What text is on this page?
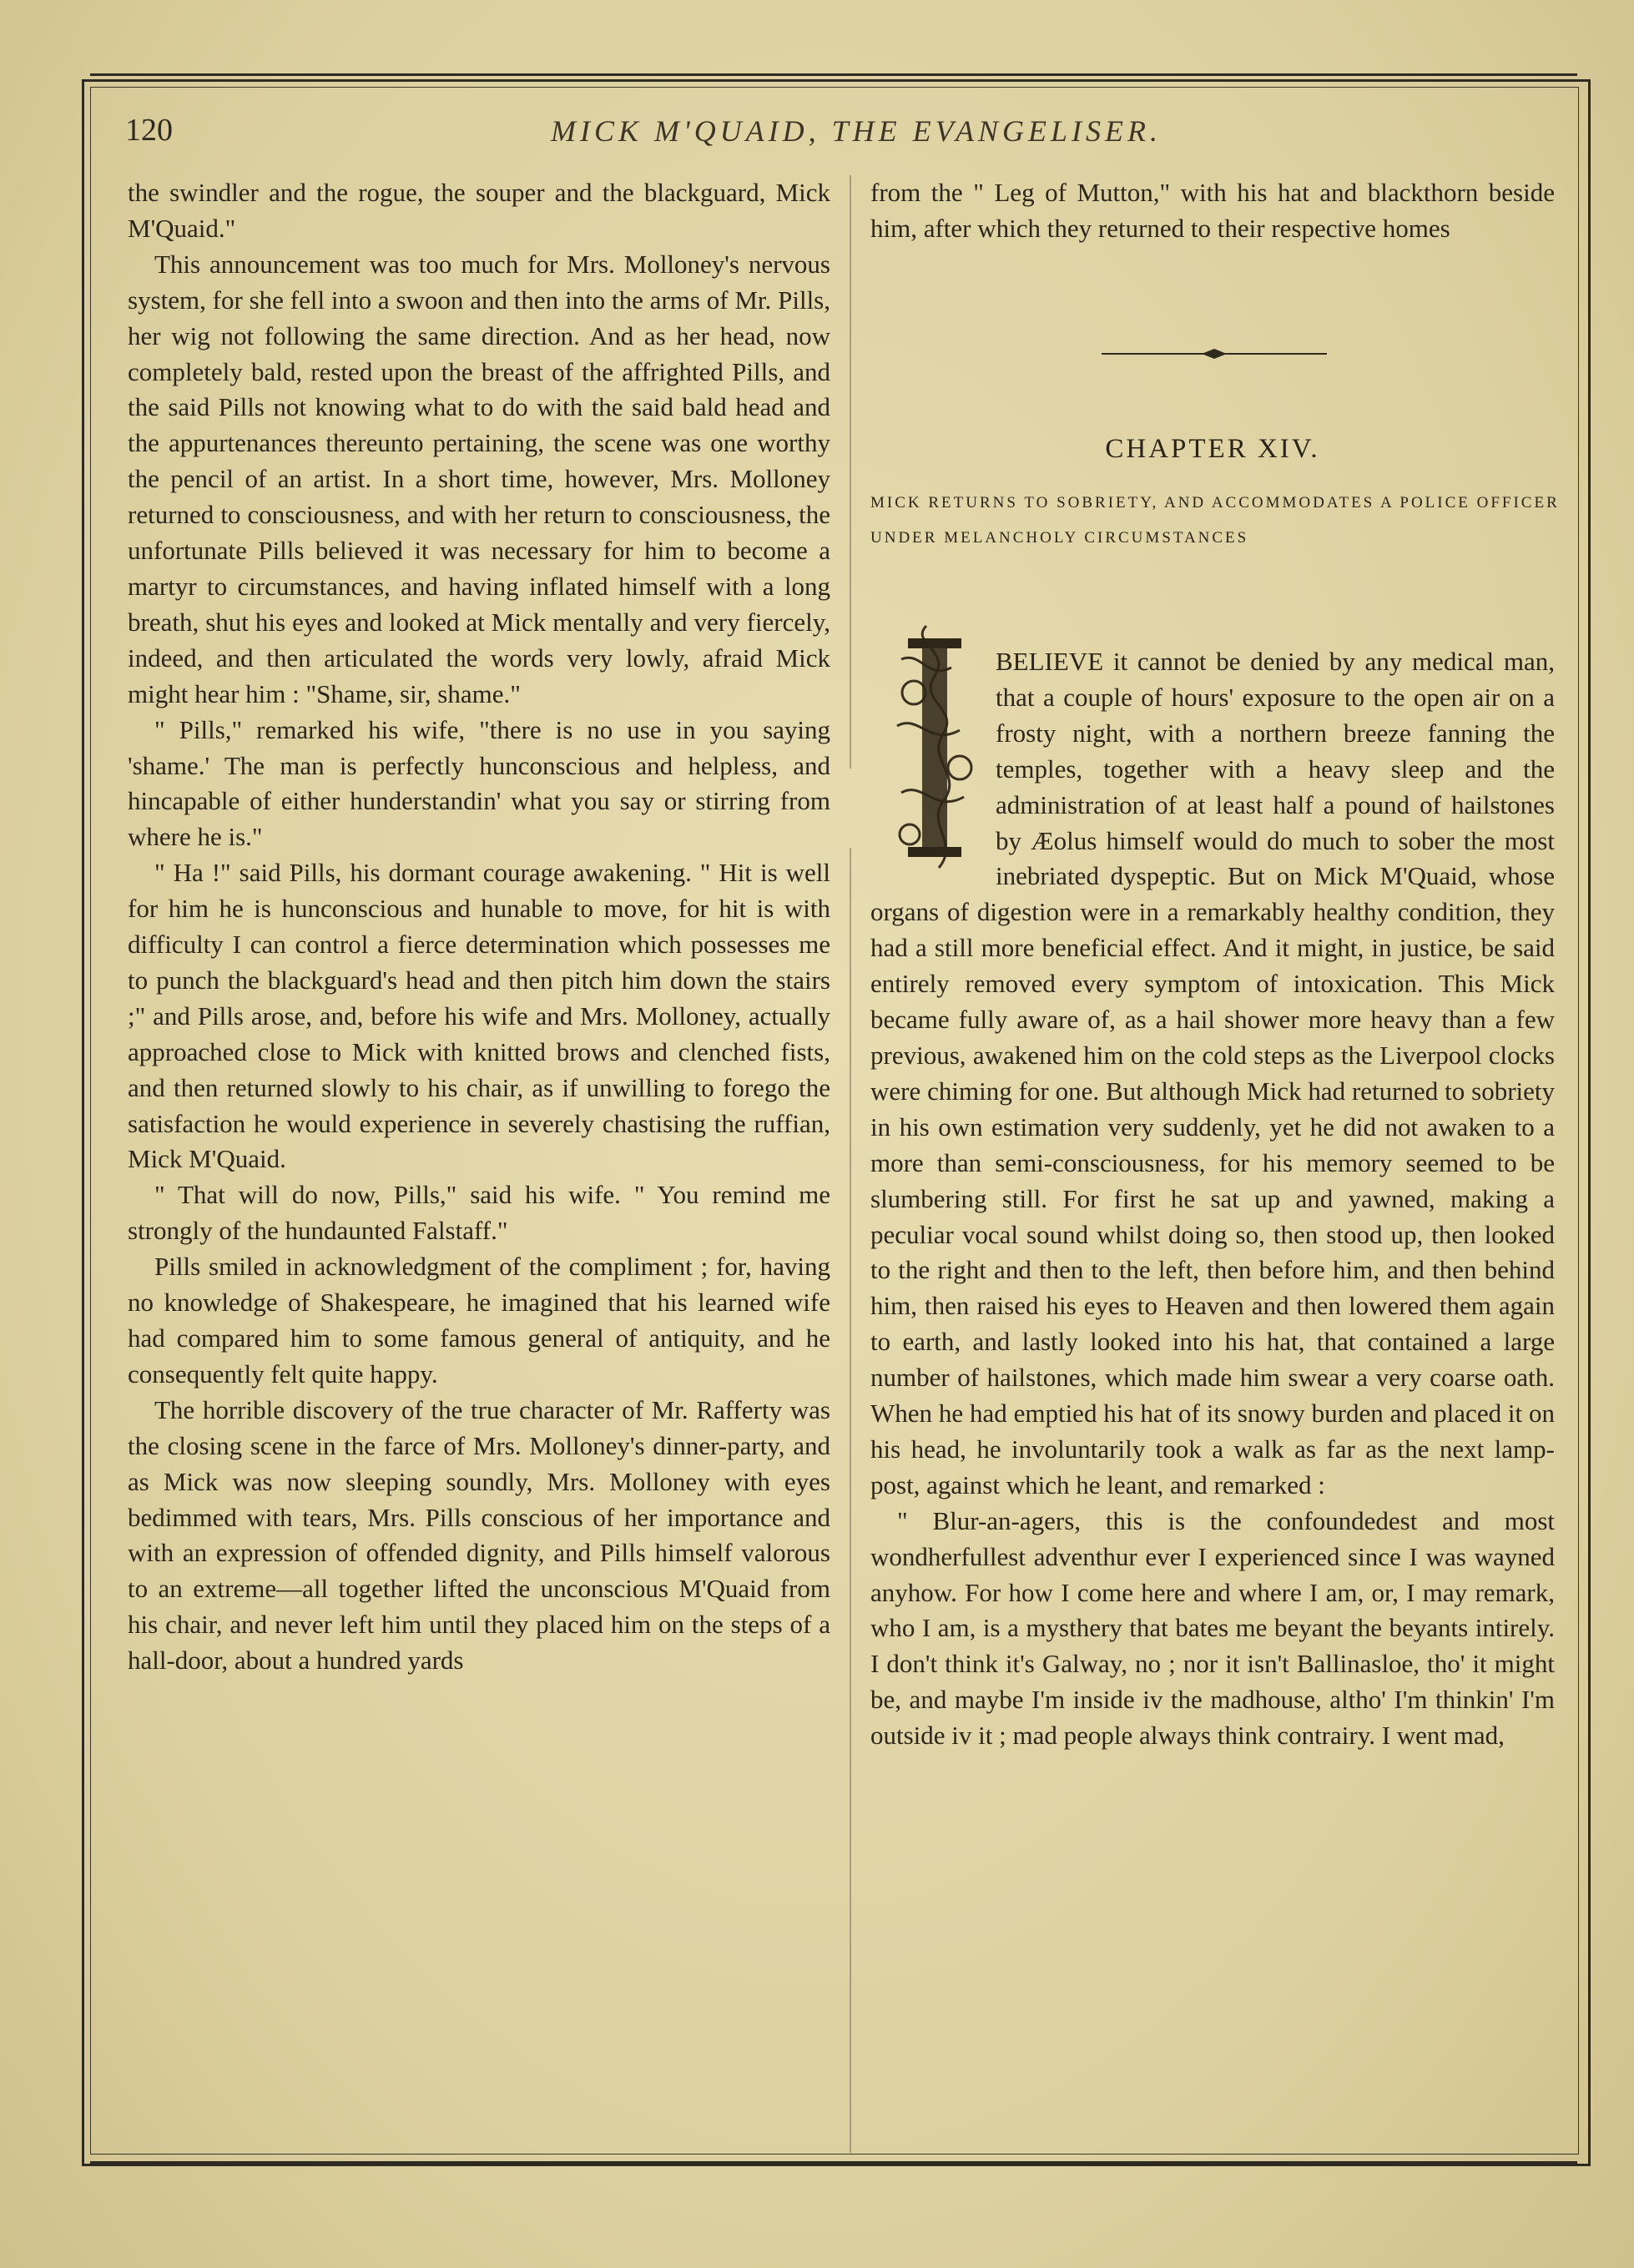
120	MICK M'QUAID, THE EVANGELISER.

the swindler and the rogue, the souper and the blackguard, Mick M'Quaid."

This announcement was too much for Mrs. Molloney's nervous system, for she fell into a swoon and then into the arms of Mr. Pills, her wig not following the same direction. And as her head, now completely bald, rested upon the breast of the affrighted Pills, and the said Pills not knowing what to do with the said bald head and the appurtenances thereunto pertaining, the scene was one worthy the pencil of an artist. In a short time, however, Mrs. Molloney returned to consciousness, and with her return to consciousness, the unfortunate Pills believed it was necessary for him to become a martyr to circumstances, and having inflated himself with a long breath, shut his eyes and looked at Mick mentally and very fiercely, indeed, and then articulated the words very lowly, afraid Mick might hear him : "Shame, sir, shame."

" Pills," remarked his wife, "there is no use in you saying 'shame.' The man is perfectly hunconscious and helpless, and hincapable of either hunderstandin' what you say or stirring from where he is."

" Ha !" said Pills, his dormant courage awakening. " Hit is well for him he is hunconscious and hunable to move, for hit is with difficulty I can control a fierce determination which possesses me to punch the blackguard's head and then pitch him down the stairs ;" and Pills arose, and, before his wife and Mrs. Molloney, actually approached close to Mick with knitted brows and clenched fists, and then returned slowly to his chair, as if unwilling to forego the satisfaction he would experience in severely chastising the ruffian, Mick M'Quaid.

" That will do now, Pills," said his wife. " You remind me strongly of the hundaunted Falstaff."

Pills smiled in acknowledgment of the compliment ; for, having no knowledge of Shakespeare, he imagined that his learned wife had compared him to some famous general of antiquity, and he consequently felt quite happy.

The horrible discovery of the true character of Mr. Rafferty was the closing scene in the farce of Mrs. Molloney's dinner-party, and as Mick was now sleeping soundly, Mrs. Molloney with eyes bedimmed with tears, Mrs. Pills conscious of her importance and with an expression of offended dignity, and Pills himself valorous to an extreme—all together lifted the unconscious M'Quaid from his chair, and never left him until they placed him on the steps of a hall-door, about a hundred yards

from the " Leg of Mutton," with his hat and blackthorn beside him, after which they returned to their respective homes

CHAPTER XIV.
MICK RETURNS TO SOBRIETY, AND ACCOMMODATES A POLICE OFFICER UNDER MELANCHOLY CIRCUMSTANCES

BELIEVE it cannot be denied by any medical man, that a couple of hours' exposure to the open air on a frosty night, with a northern breeze fanning the temples, together with a heavy sleep and the administration of at least half a pound of hailstones by Æolus himself would do much to sober the most inebriated dyspeptic. But on Mick M'Quaid, whose organs of digestion were in a remarkably healthy condition, they had a still more beneficial effect. And it might, in justice, be said entirely removed every symptom of intoxication. This Mick became fully aware of, as a hail shower more heavy than a few previous, awakened him on the cold steps as the Liverpool clocks were chiming for one. But although Mick had returned to sobriety in his own estimation very suddenly, yet he did not awaken to a more than semi-consciousness, for his memory seemed to be slumbering still. For first he sat up and yawned, making a peculiar vocal sound whilst doing so, then stood up, then looked to the right and then to the left, then before him, and then behind him, then raised his eyes to Heaven and then lowered them again to earth, and lastly looked into his hat, that contained a large number of hailstones, which made him swear a very coarse oath. When he had emptied his hat of its snowy burden and placed it on his head, he involuntarily took a walk as far as the next lamp-post, against which he leant, and remarked :

" Blur-an-agers, this is the confoundedest and most wondherfullest adventhur ever I experienced since I was wayned anyhow. For how I come here and where I am, or, I may remark, who I am, is a mysthery that bates me beyant the beyants intirely. I don't think it's Galway, no ; nor it isn't Ballinasloe, tho' it might be, and maybe I'm inside iv the madhouse, altho' I'm thinkin' I'm outside iv it ; mad people always think contrairy. I went mad,
